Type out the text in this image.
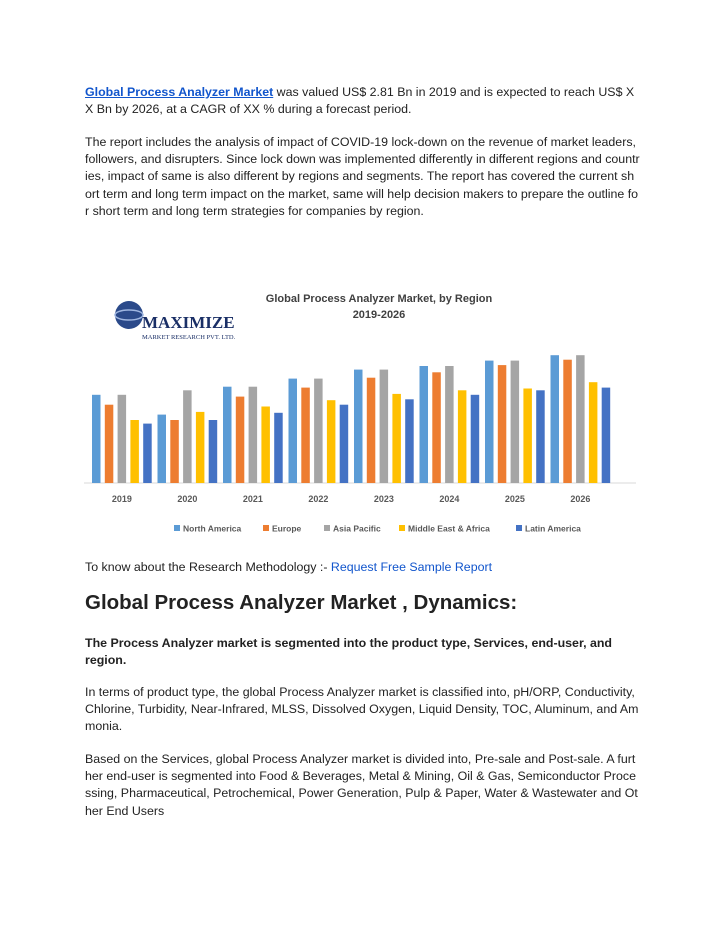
Global Process Analyzer Market was valued US$ 2.81 Bn in 2019 and is expected to reach US$ XX Bn by 2026, at a CAGR of XX % during a forecast period.

The report includes the analysis of impact of COVID-19 lock-down on the revenue of market leaders, followers, and disrupters. Since lock down was implemented differently in different regions and countries, impact of same is also different by regions and segments. The report has covered the current short term and long term impact on the market, same will help decision makers to prepare the outline for short term and long term strategies for companies by region.

MAXIMIZE
MARKET RESEARCH PVT. LTD.
Global Process Analyzer Market, by Region
2019-2026
2019	2020	2021	2022	2023	2024	2025	2026
North America	Europe	Asia Pacific	Middle East & Africa	Latin America
To know about the Research Methodology :- Request Free Sample Report
Global Process Analyzer Market , Dynamics:
The Process Analyzer market is segmented into the product type, Services, end-user, and region.

In terms of product type, the global Process Analyzer market is classified into, pH/ORP, Conductivity, Chlorine, Turbidity, Near-Infrared, MLSS, Dissolved Oxygen, Liquid Density, TOC, Aluminum, and Ammonia.

Based on the Services, global Process Analyzer market is divided into, Pre-sale and Post-sale. A further end-user is segmented into Food & Beverages, Metal & Mining, Oil & Gas, Semiconductor Processing, Pharmaceutical, Petrochemical, Power Generation, Pulp & Paper, Water & Wastewater and Other End Users
